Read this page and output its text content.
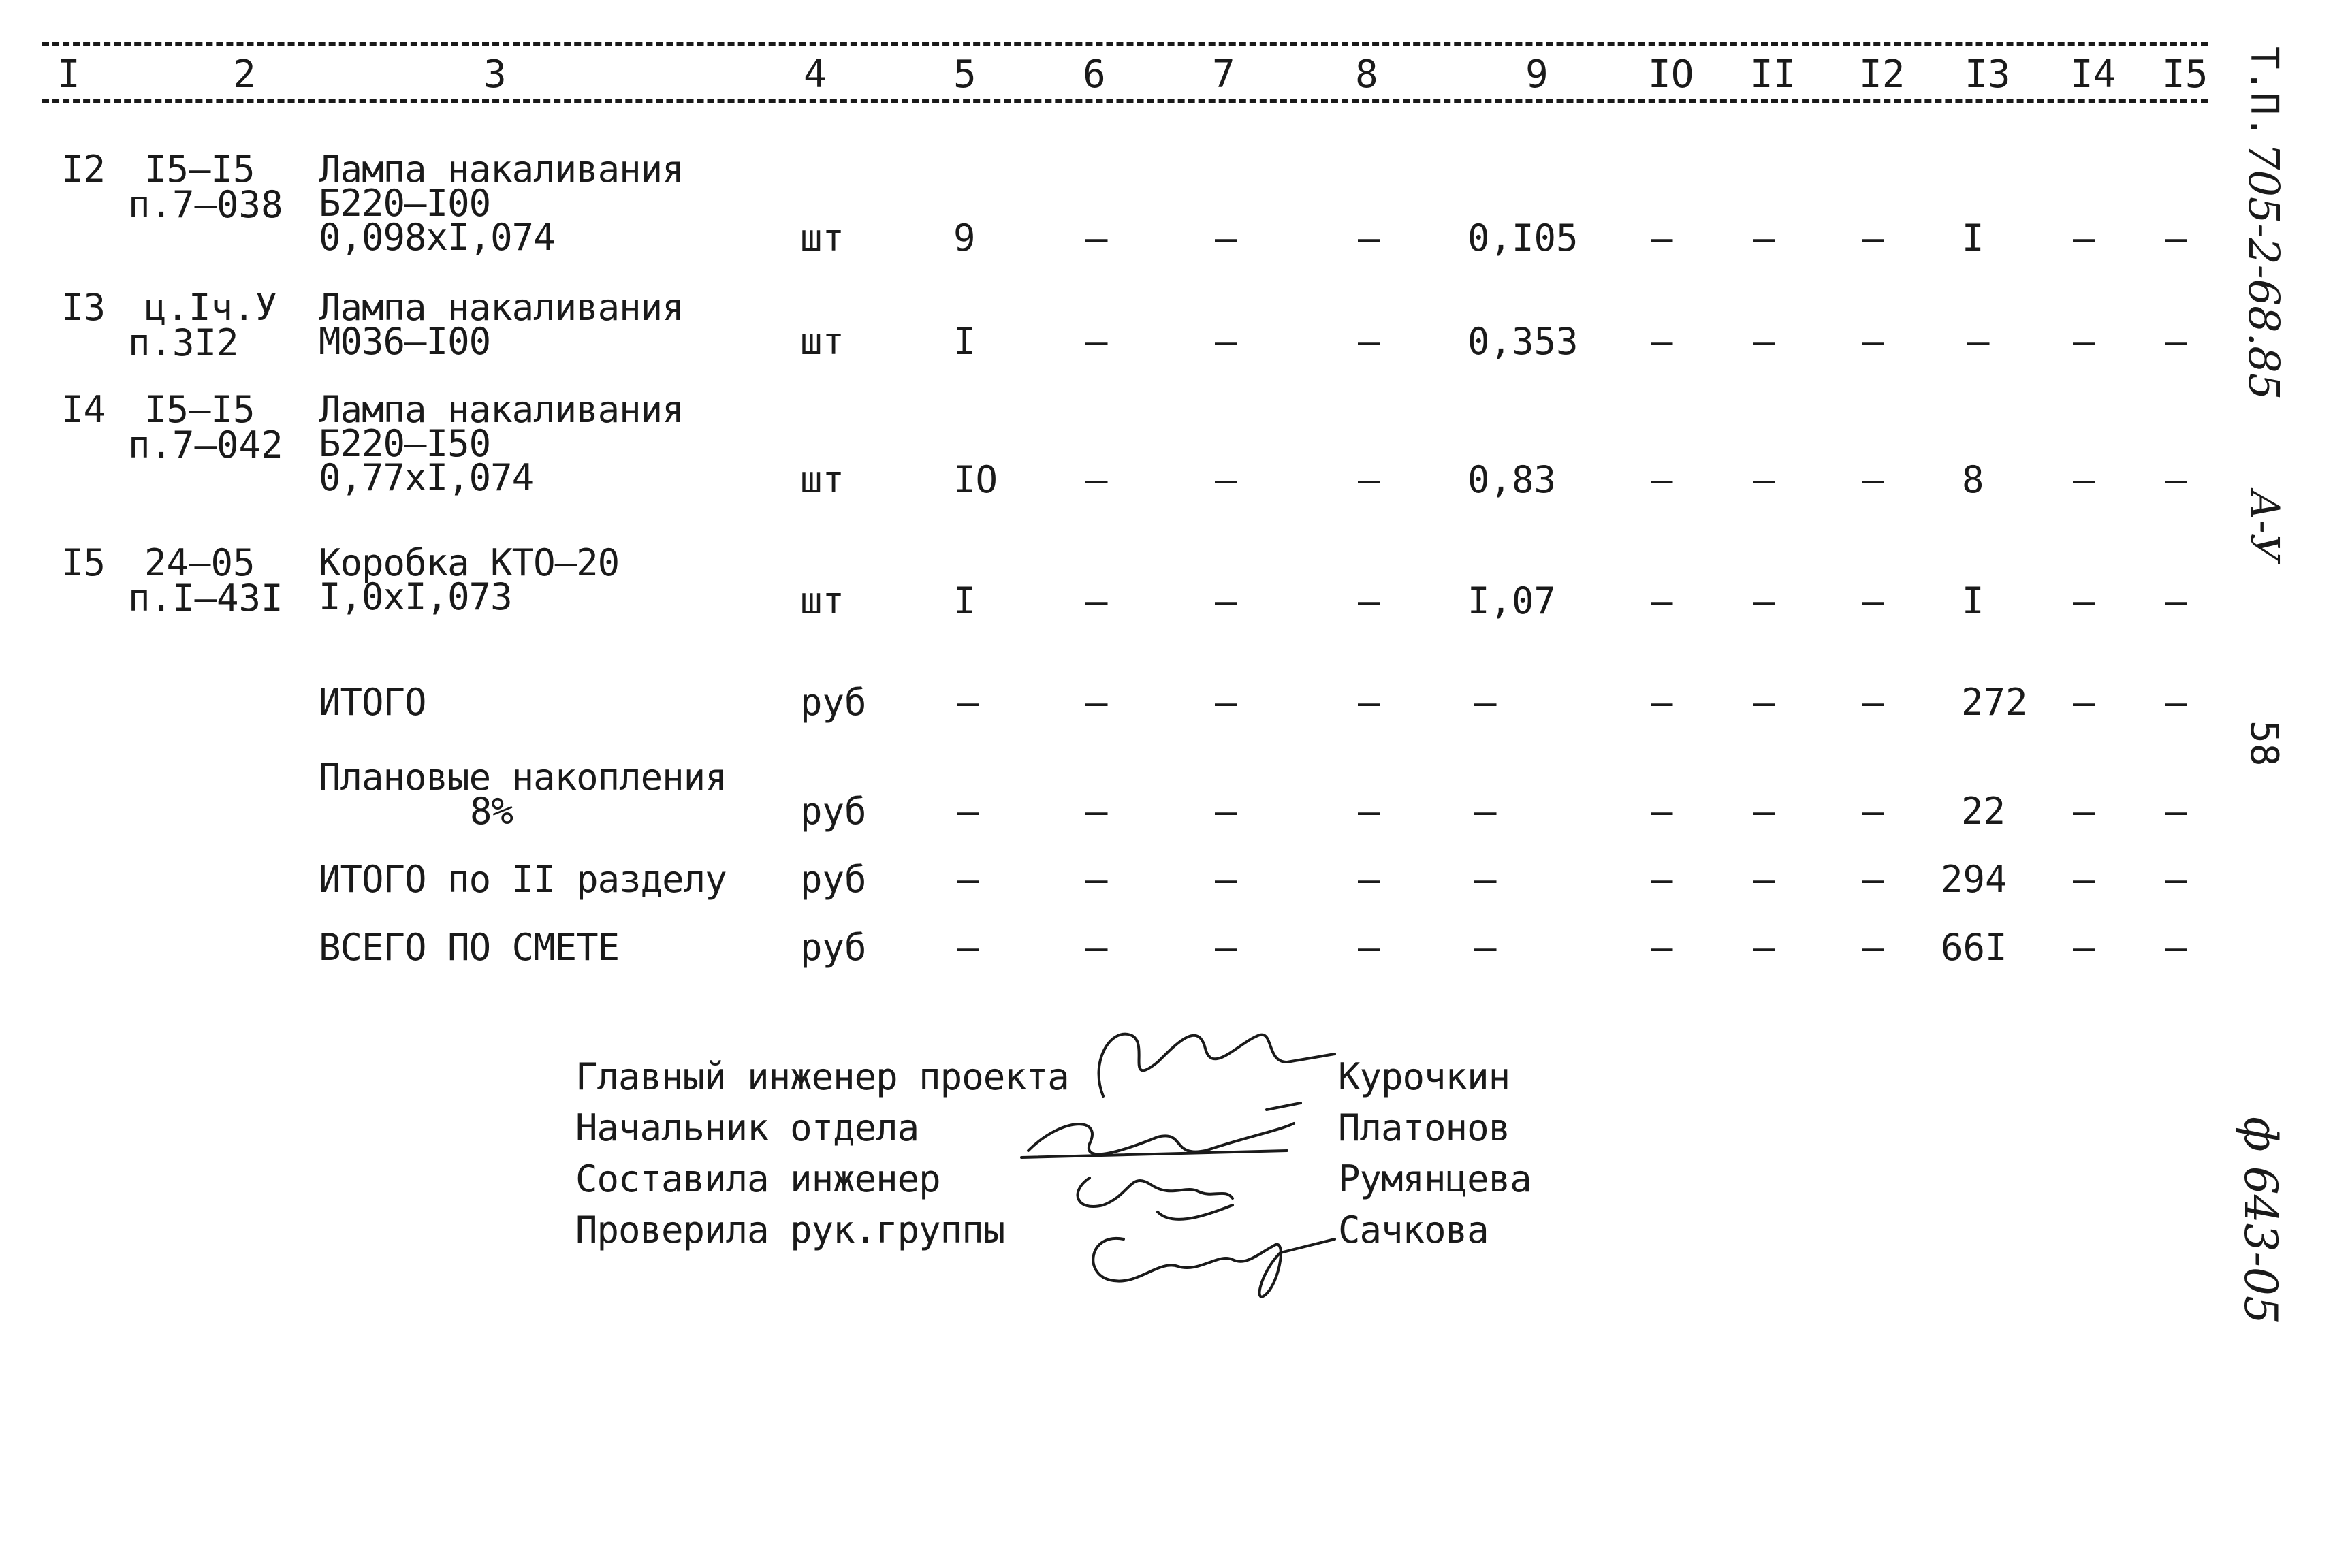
I	2	3	4	5	6	7	8	9	IO II I2 I3 I4 I5
I2 I5–I5
п.7–038
Лампа накаливания
Б220–I00
0,098хI,074	шт	9	–	–	– 0,I05 – – – I – –
I3 ц.Iч.У
п.3I2
Лампа накаливания
М036–I00	шт	I	–	–	– 0,353 – – – – – –
I4 I5–I5
п.7–042
Лампа накаливания
Б220–I50
0,77хI,074	шт	IO –	–	– 0,83	– – – 8 – –
I5 24–05
п.I–43I
Коробка КТО–20
I,0хI,073	шт	I	–	–	– I,07	– – – I – –
ИТОГО	руб –	–	–	–	–	– – – 272 – –
Плановые накопления
8%	руб –	–	–	–	–	– – – 22 – –
ИТОГО по II разделу руб –	–	–	–	–	– – – 294 – –
ВСЕГО ПО СМЕТЕ	руб –	–	–	–	–	– – – 66I – –
Главный инженер проекта	Курочкин
Начальник отдела	Платонов
Составила инженер	Румянцева
Проверила рук.группы	Сачкова
Т.П.
705-2-68.85
А-У
58
ф 643-05
